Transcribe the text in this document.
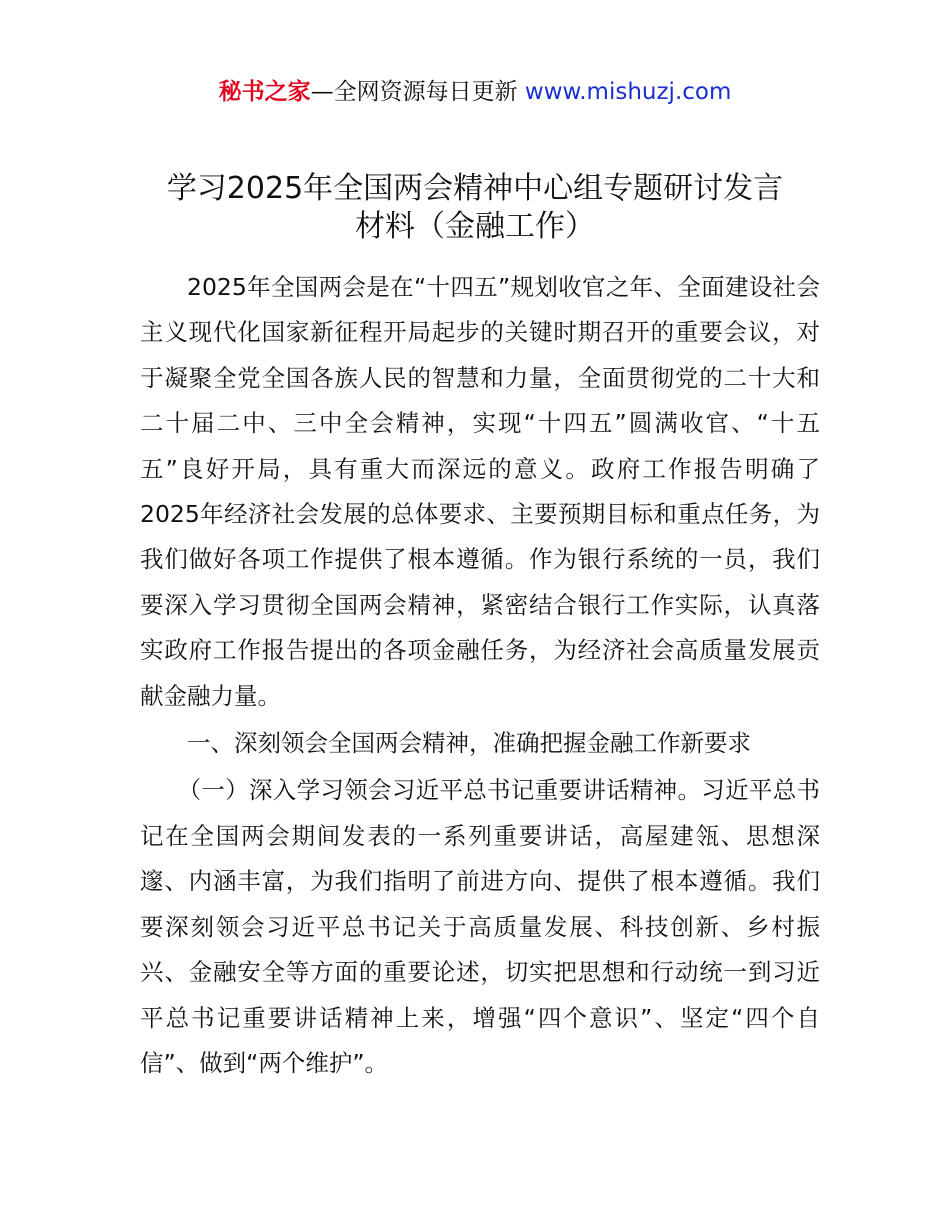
秘书之家—全网资源每日更新 www.mishuzj.com
学习2025年全国两会精神中心组专题研讨发言
材料（金融工作）

2025年全国两会是在“十四五”规划收官之年、全面建设社会主义现代化国家新征程开局起步的关键时期召开的重要会议，对于凝聚全党全国各族人民的智慧和力量，全面贯彻党的二十大和二十届二中、三中全会精神，实现“十四五”圆满收官、“十五五”良好开局，具有重大而深远的意义。政府工作报告明确了2025年经济社会发展的总体要求、主要预期目标和重点任务，为我们做好各项工作提供了根本遵循。作为银行系统的一员，我们要深入学习贯彻全国两会精神，紧密结合银行工作实际，认真落实政府工作报告提出的各项金融任务，为经济社会高质量发展贡献金融力量。

一、深刻领会全国两会精神，准确把握金融工作新要求

（一）深入学习领会习近平总书记重要讲话精神。习近平总书记在全国两会期间发表的一系列重要讲话，高屋建瓴、思想深邃、内涵丰富，为我们指明了前进方向、提供了根本遵循。我们要深刻领会习近平总书记关于高质量发展、科技创新、乡村振兴、金融安全等方面的重要论述，切实把思想和行动统一到习近平总书记重要讲话精神上来，增强“四个意识”、坚定“四个自信”、做到“两个维护”。
